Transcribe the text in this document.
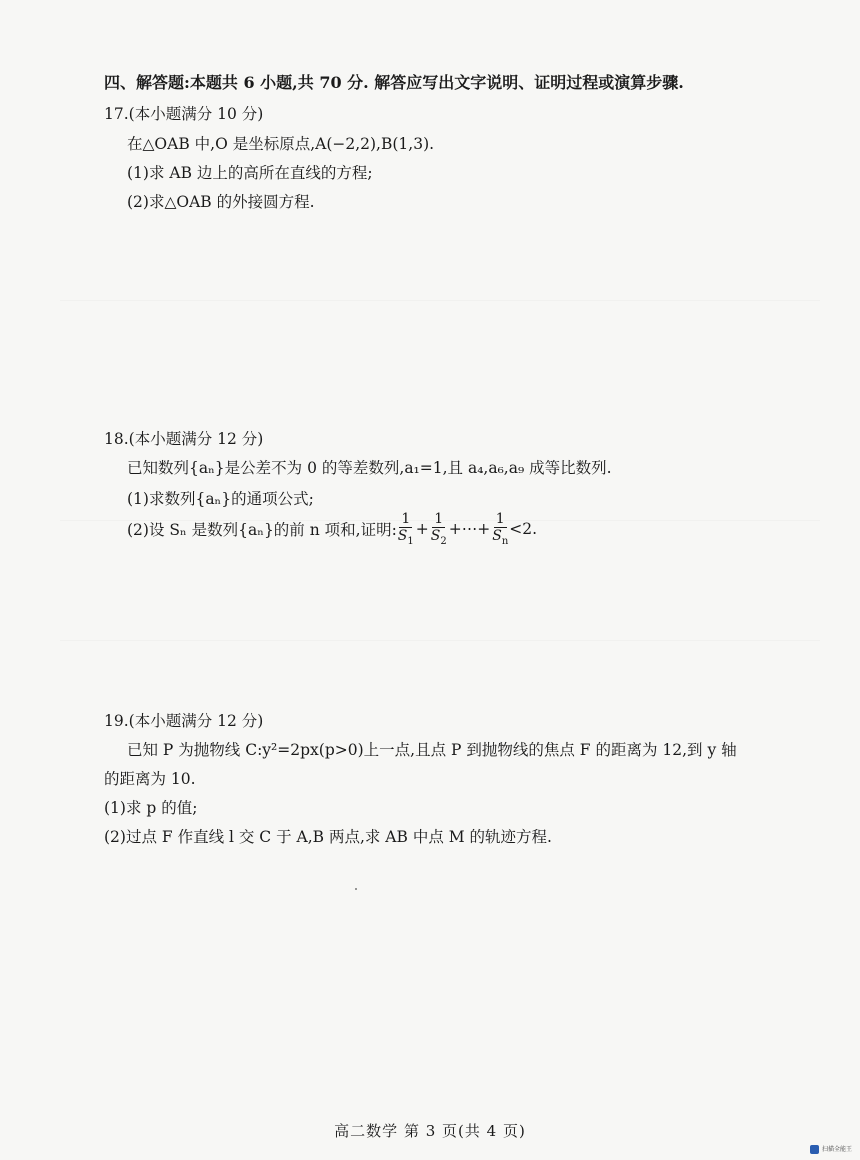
四、解答题:本题共 6 小题,共 70 分. 解答应写出文字说明、证明过程或演算步骤.
17.(本小题满分 10 分)
在△OAB 中,O 是坐标原点,A(−2,2),B(1,3).
(1)求 AB 边上的高所在直线的方程;
(2)求△OAB 的外接圆方程.
18.(本小题满分 12 分)
已知数列{aₙ}是公差不为 0 的等差数列,a₁=1,且 a₄,a₆,a₉ 成等比数列.
(1)求数列{aₙ}的通项公式;
(2)设 Sₙ 是数列{aₙ}的前 n 项和,证明: $\frac{1}{S_1} + \frac{1}{S_2}$ +⋯+ $\frac{1}{S_n} <2$.
19.(本小题满分 12 分)
已知 P 为抛物线 C:y²=2px(p>0)上一点,且点 P 到抛物线的焦点 F 的距离为 12,到 y 轴
的距离为 10.
(1)求 p 的值;
(2)过点 F 作直线 l 交 C 于 A,B 两点,求 AB 中点 M 的轨迹方程.
高二数学 第 3 页(共 4 页)
扫描全能王
